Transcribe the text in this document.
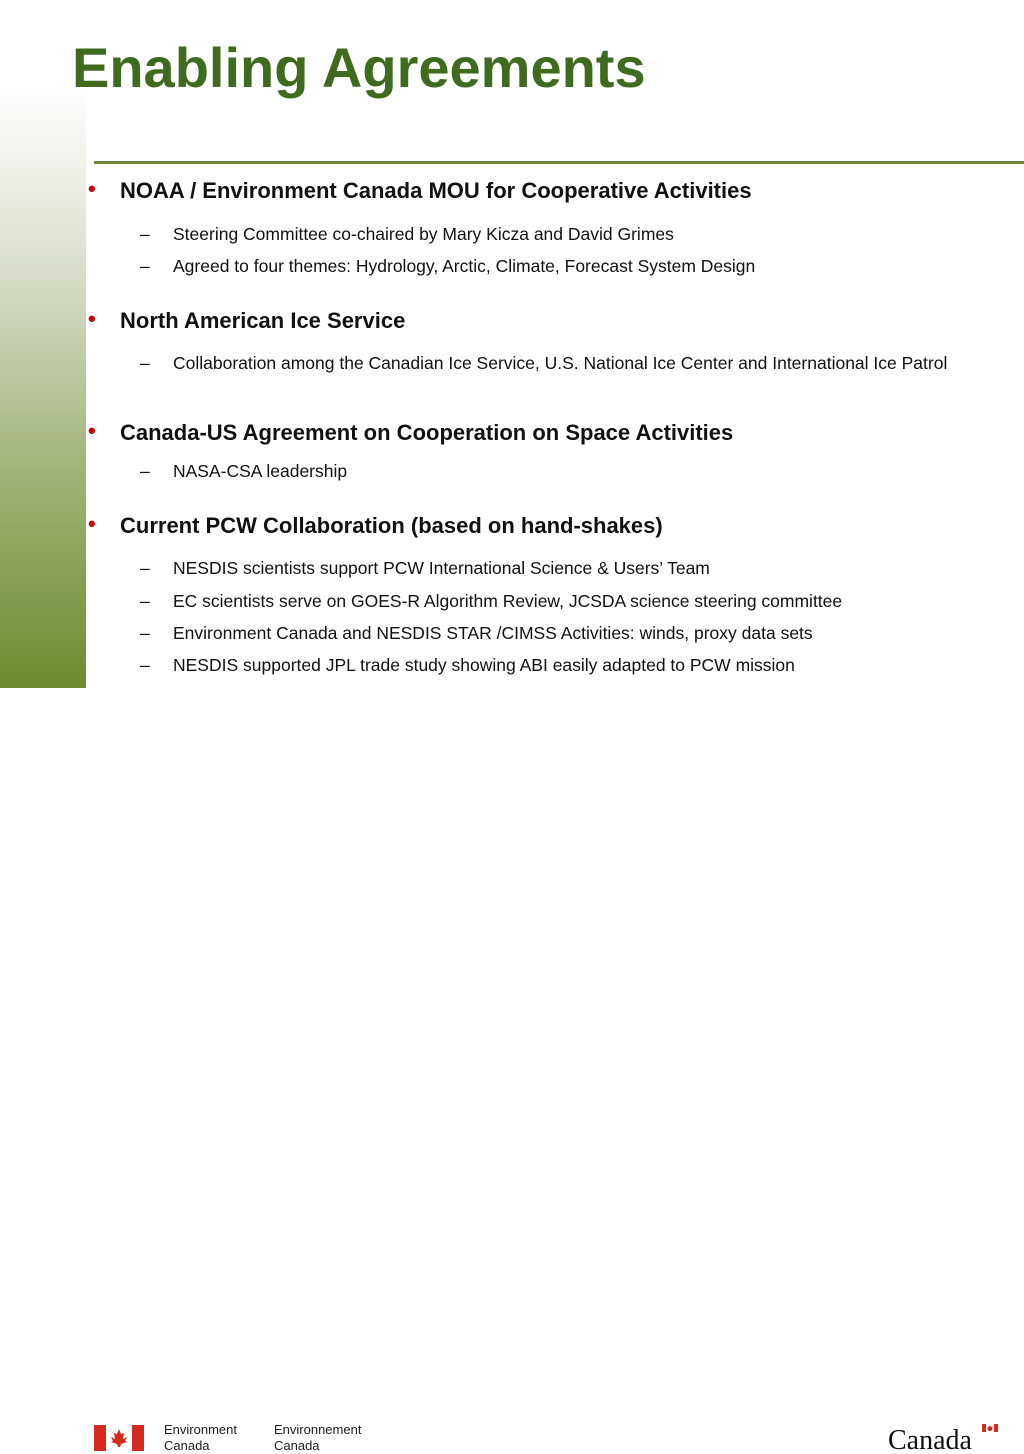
Enabling Agreements
• NOAA / Environment Canada MOU for Cooperative Activities
– Steering Committee co-chaired by Mary Kicza and David Grimes
– Agreed to four themes: Hydrology, Arctic, Climate, Forecast System Design
• North American Ice Service
– Collaboration among the Canadian Ice Service, U.S. National Ice Center and International Ice Patrol
• Canada-US Agreement on Cooperation on Space Activities
– NASA-CSA leadership
• Current PCW Collaboration (based on hand-shakes)
– NESDIS scientists support PCW International Science & Users’ Team
– EC scientists serve on GOES-R Algorithm Review, JCSDA science steering committee
– Environment Canada and NESDIS STAR /CIMSS Activities: winds, proxy data sets
– NESDIS supported JPL trade study showing ABI easily adapted to PCW mission
Environment
Canada
Environnement
Canada	Canada
